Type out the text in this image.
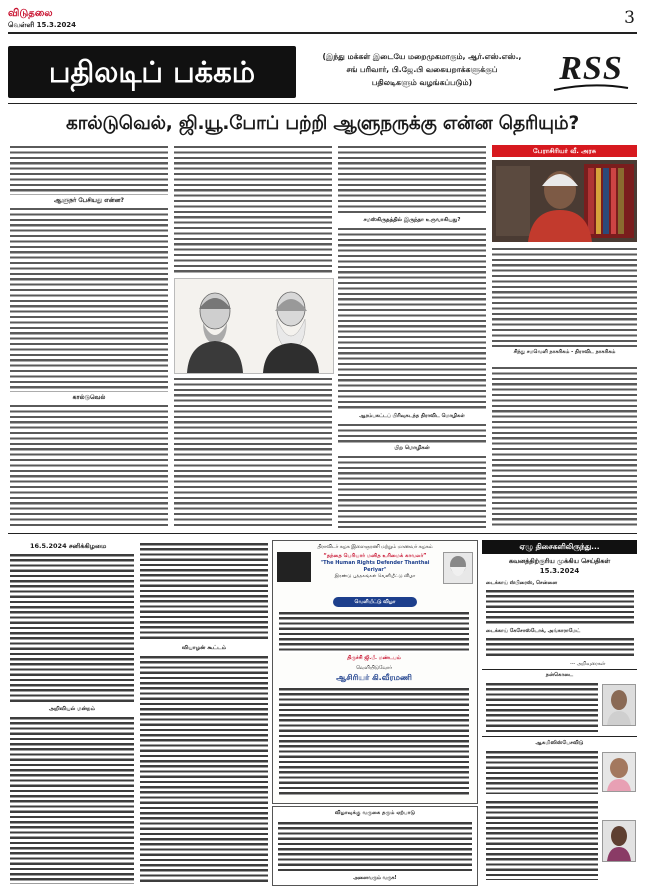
விடுதலை
வெள்ளி 15.3.2024	3
பதிலடிப் பக்கம்	(இந்து மக்கள் இடையே மறைமுகமாகும், ஆர்.எஸ்.எஸ்.,
சங் பரிவார், பி.ஜே.பி வகையறாக்களுக்குப்
பதிலடிகளும் வழங்கப்படும்)	RSS
கால்டுவெல், ஜி.யூ.போப் பற்றி ஆளுநருக்கு என்ன தெரியும்?
ஆளுநர் பேசியது என்ன?
கால்டுவெல்
சமஸ்கிருதத்தில் இருந்தா உருவாகியது?
ஆரம்பகட்டப் பிரிவுகடந்த திராவிட மொழிகள்
பிற மொழிகள்
பேராசிரியர் வீ. அரசு
சிந்து சமவெளி நாகரிகம் - திராவிட நாகரிகம்
16.5.2024 சனிக்கிழமை
அறிவியல் மன்றம்
வியாழன் கூட்டம்
திராவிடர் கழக இளைஞரணி மற்றும் மாணவர் கழகம்
“தந்தை பெரியார் மனித உரிமைக் காவலர்”
"The Human Rights Defender Thanthai Periyar"
இரண்டு புத்தகங்கள் வெளியீட்டு விழா
வெளியீட்டு விழா
திருச்சி ஜி.பீ. மண்டபம்
வெளியிடுவோர்
ஆசிரியர் கி.வீரமணி
விழாவுக்கு வருகை தரும் ஏற்பாடு
அனைவரும் வருக!
ஏழு திசைகளிலிருந்து...
கவனத்திற்குரிய முக்கிய செய்திகள்
15.3.2024
டைக்காய் ஸ்பிரைஸ், சென்னை
டைக்காய் கேசோஸ்டோக், அங்காராமேட்
--- அறிவுரைகள்
நன்கொடை
ஆகமிஸிஸ்பேசவிடு
